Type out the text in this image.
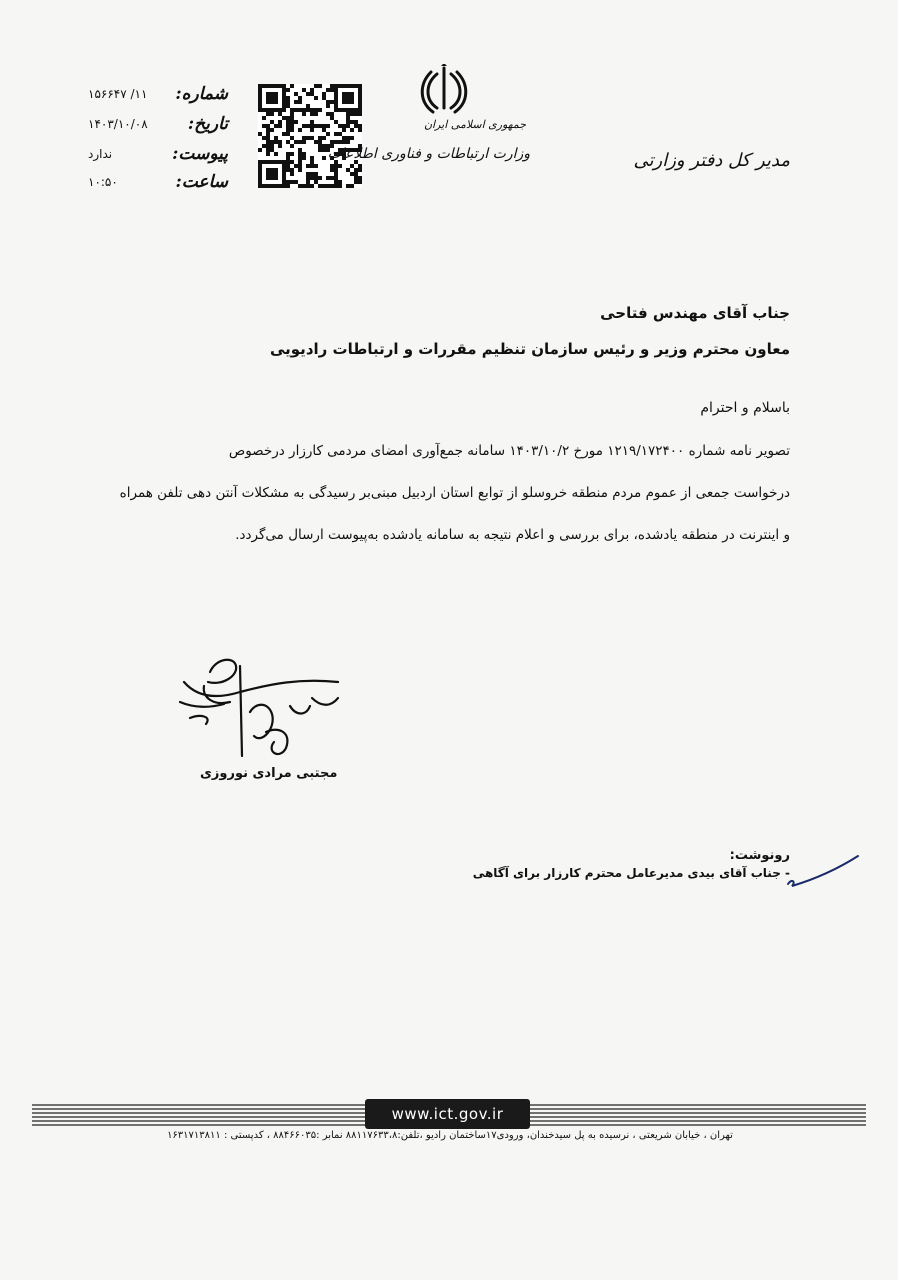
شماره:
۱۱/ ۱۵۶۶۴۷
تاریخ:
۱۴۰۳/۱۰/۰۸
پیوست:
ندارد
ساعت:
۱۰:۵۰
جمهوری اسلامی ایران
وزارت ارتباطات و فناوری اطلاعات	مدیر کل دفتر وزارتی
جناب آقای مهندس فتاحی
معاون محترم وزیر و رئیس سازمان تنظیم مقررات و ارتباطات رادیویی
باسلام و احترام
تصویر نامه شماره ۱۲۱۹/۱۷۲۴۰۰ مورخ ۱۴۰۳/۱۰/۲ سامانه جمع‌آوری امضای مردمی کارزار درخصوص
درخواست جمعی از عموم مردم منطقه خروسلو از توابع استان اردبیل مبنی‌بر رسیدگی به مشکلات آنتن دهی تلفن همراه
و اینترنت در منطقه یادشده، برای بررسی و اعلام نتیجه به سامانه یادشده به‌پیوست ارسال می‌گردد.
مجتبی مرادی نوروزی
رونوشت:
- جناب آقای بیدی مدیرعامل محترم کارزار برای آگاهی
www.ict.gov.ir
تهران ، خیابان شریعتی ، نرسیده به پل سیدخندان، ورودی۱۷ساختمان رادیو ،تلفن:۸۸۱۱۷۶۳۳،۸ نمابر :۸۸۴۶۶۰۳۵ ، کدپستی : ۱۶۳۱۷۱۳۸۱۱
